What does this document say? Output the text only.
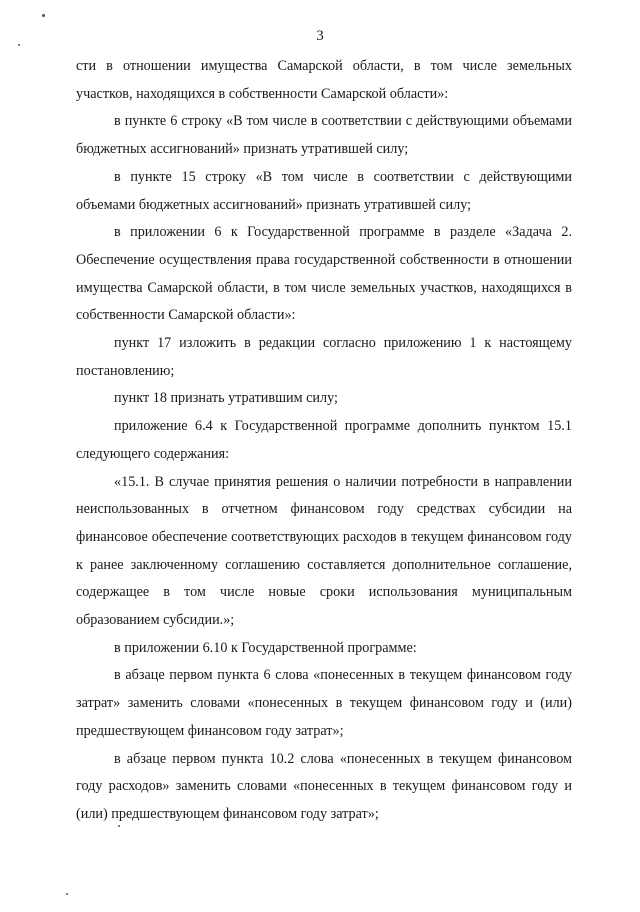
3

сти в отношении имущества Самарской области, в том числе земельных участков, находящихся в собственности Самарской области»:

в пункте 6 строку «В том числе в соответствии с действующими объемами бюджетных ассигнований» признать утратившей силу;

в пункте 15 строку «В том числе в соответствии с действующими объемами бюджетных ассигнований» признать утратившей силу;

в приложении 6 к Государственной программе в разделе «Задача 2. Обеспечение осуществления права государственной собственности в отношении имущества Самарской области, в том числе земельных участков, находящихся в собственности Самарской области»:

пункт 17 изложить в редакции согласно приложению 1 к настоящему постановлению;

пункт 18 признать утратившим силу;

приложение 6.4 к Государственной программе дополнить пунктом 15.1 следующего содержания:

«15.1. В случае принятия решения о наличии потребности в направлении неиспользованных в отчетном финансовом году средствах субсидии на финансовое обеспечение соответствующих расходов в текущем финансовом году к ранее заключенному соглашению составляется дополнительное соглашение, содержащее в том числе новые сроки использования муниципальным образованием субсидии.»;

в приложении 6.10 к Государственной программе:

в абзаце первом пункта 6 слова «понесенных в текущем финансовом году затрат» заменить словами «понесенных в текущем финансовом году и (или) предшествующем финансовом году затрат»;

в абзаце первом пункта 10.2 слова «понесенных в текущем финансовом году расходов» заменить словами «понесенных в текущем финансовом году и (или) предшествующем финансовом году затрат»;
